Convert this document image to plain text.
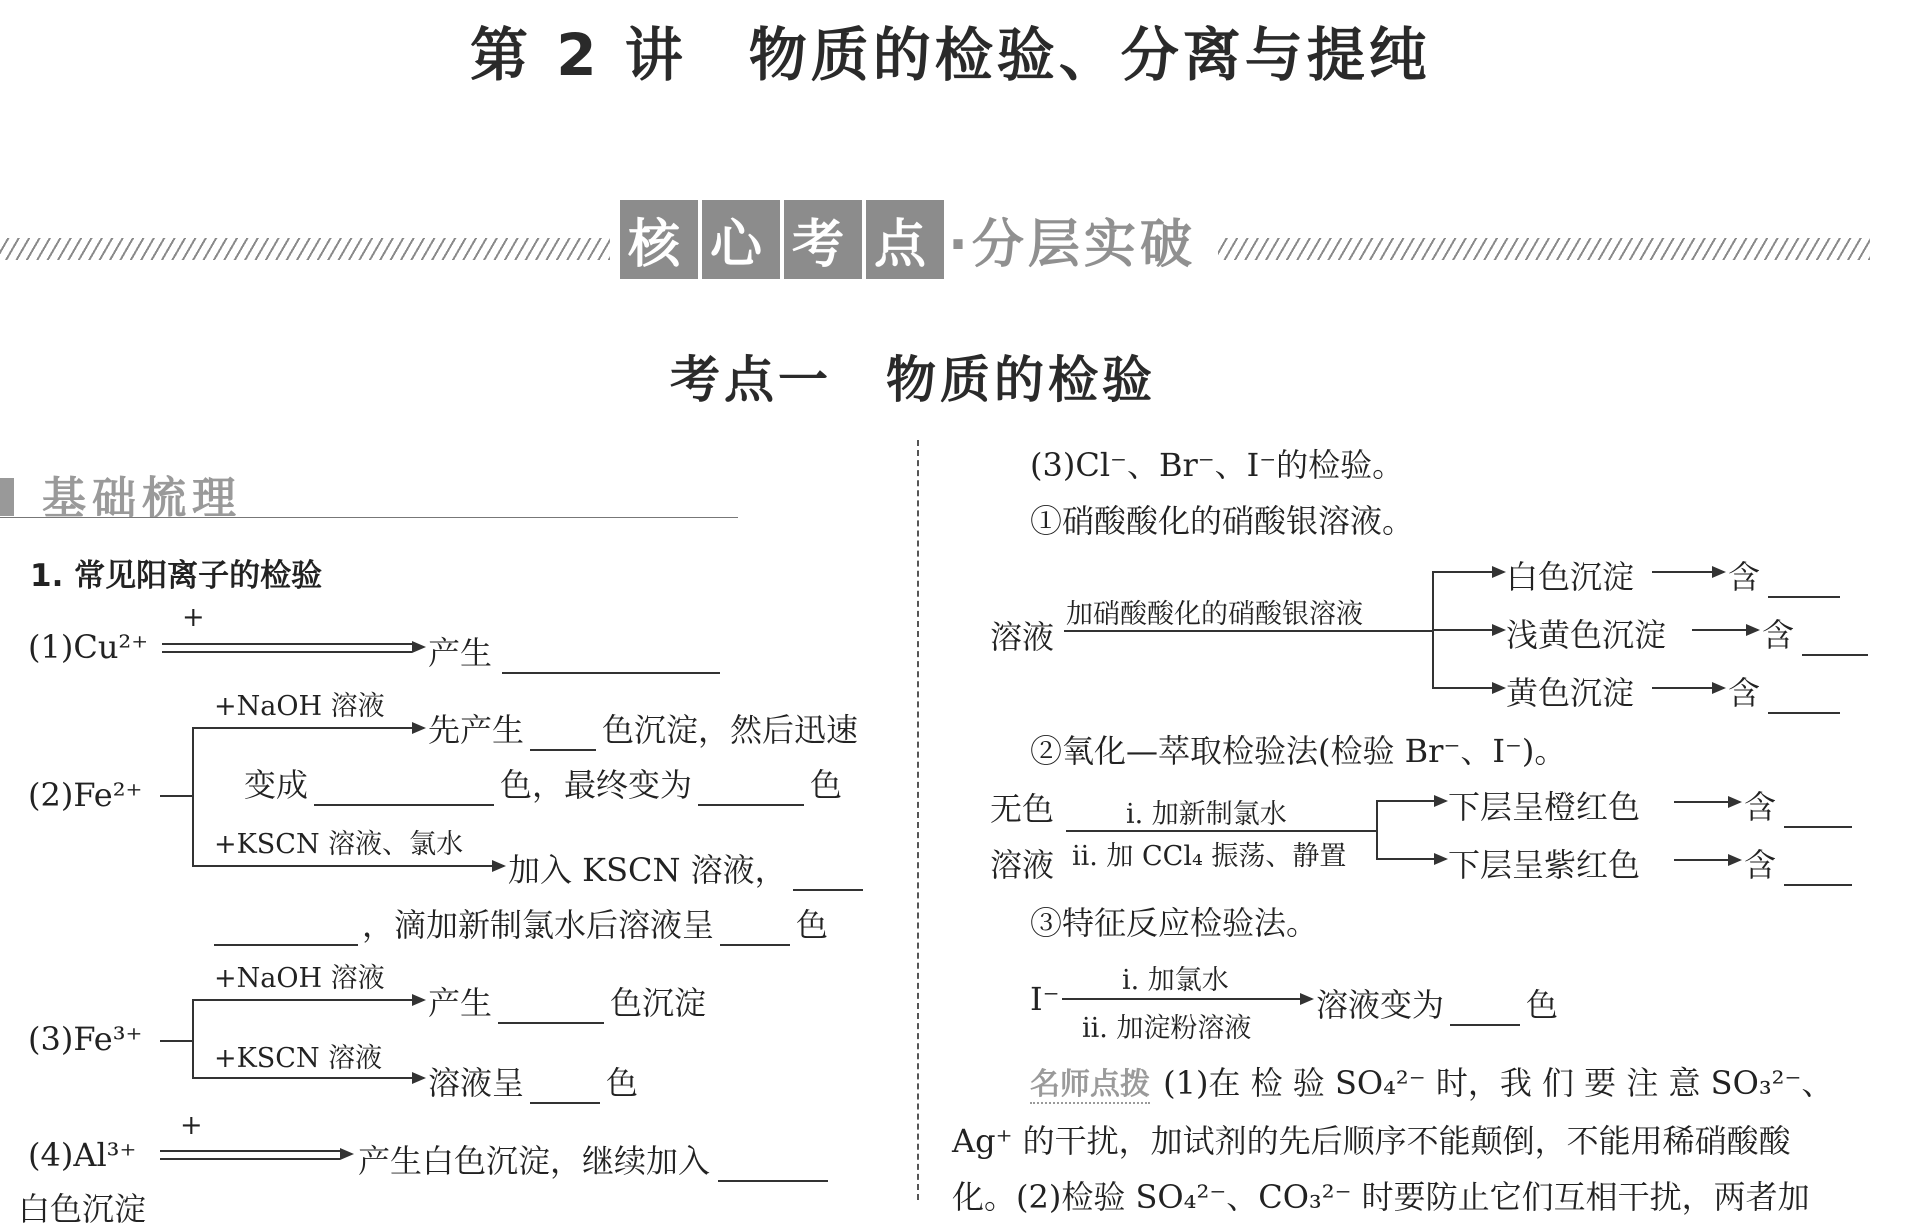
第 2 讲　物质的检验、分离与提纯
核 心 考 点 ·分层实破
考点一　物质的检验
基础梳理
1. 常见阳离子的检验
(1)Cu²⁺
+
产生
(2)Fe²⁺
+NaOH 溶液
先产生 色沉淀，然后迅速
变成	色，最终变为	色
+KSCN 溶液、氯水
加入 KSCN 溶液，
，滴加新制氯水后溶液呈	色
(3)Fe³⁺
+NaOH 溶液
产生	色沉淀
+KSCN 溶液
溶液呈	色
(4)Al³⁺
+
产生白色沉淀，继续加入
白色沉淀
(3)Cl⁻、Br⁻、I⁻的检验。
①硝酸酸化的硝酸银溶液。
溶液
加硝酸酸化的硝酸银溶液
白色沉淀	含
浅黄色沉淀	含
黄色沉淀	含
②氧化—萃取检验法(检验 Br⁻、I⁻)。
无色
溶液
ⅰ. 加新制氯水
ⅱ. 加 CCl₄ 振荡、静置
下层呈橙红色	含
下层呈紫红色	含
③特征反应检验法。
I⁻ ⅰ. 加氯水
ⅱ. 加淀粉溶液
溶液变为	色
名师点拨 (1)在 检 验 SO₄²⁻ 时，我 们 要 注 意 SO₃²⁻、
Ag⁺ 的干扰，加试剂的先后顺序不能颠倒，不能用稀硝酸酸
化。(2)检验 SO₄²⁻、CO₃²⁻ 时要防止它们互相干扰，两者加
